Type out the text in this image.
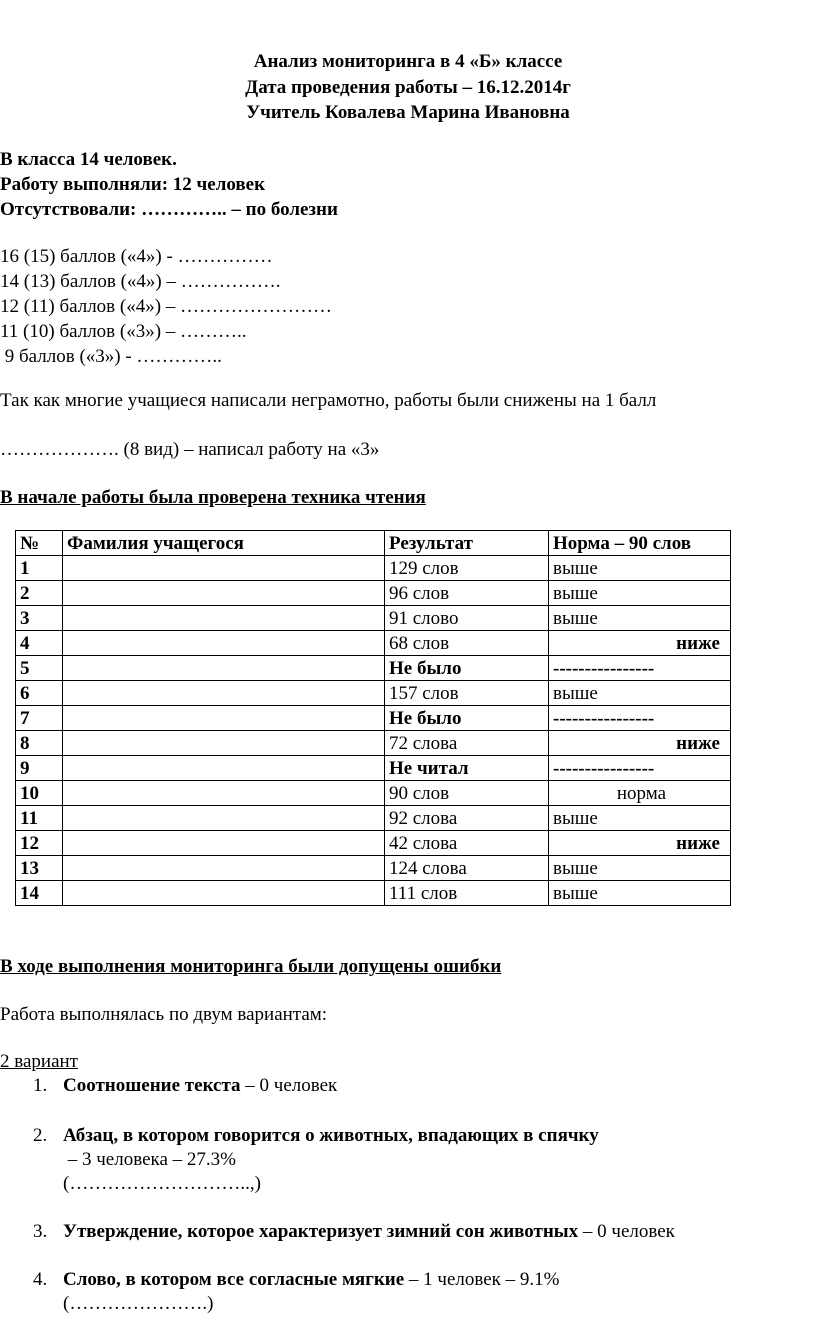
Анализ мониторинга в 4 «Б» классе
Дата проведения работы – 16.12.2014г
Учитель Ковалева Марина Ивановна
В класса 14 человек.
Работу выполняли: 12 человек
Отсутствовали: ………….. – по болезни
16 (15) баллов («4») - ……………
14 (13) баллов («4») – …………….
12 (11) баллов («4») – ……………………
11 (10) баллов («3») – ………..
9 баллов («3») - …………..
Так как многие учащиеся написали неграмотно, работы были снижены на 1 балл
………………. (8 вид) – написал работу на «3»
В начале работы была проверена техника чтения
№	Фамилия учащегося	Результат	Норма – 90 слов
1		129 слов	выше
2		96 слов	выше
3		91 слово	выше
4		68 слов	ниже
5		Не было	----------------
6		157 слов	выше
7		Не было	----------------
8		72 слова	ниже
9		Не читал	----------------
10		90 слов	норма
11		92 слова	выше
12		42 слова	ниже
13		124 слова	выше
14		111 слов	выше
В ходе выполнения мониторинга были допущены ошибки
Работа выполнялась по двум вариантам:
2 вариант
1. Соотношение текста – 0 человек
2. Абзац, в котором говорится о животных, впадающих в спячку
– 3 человека – 27.3%
(………………………..,)
3. Утверждение, которое характеризует зимний сон животных – 0 человек
4. Слово, в котором все согласные мягкие – 1 человек – 9.1%
(………………….)
